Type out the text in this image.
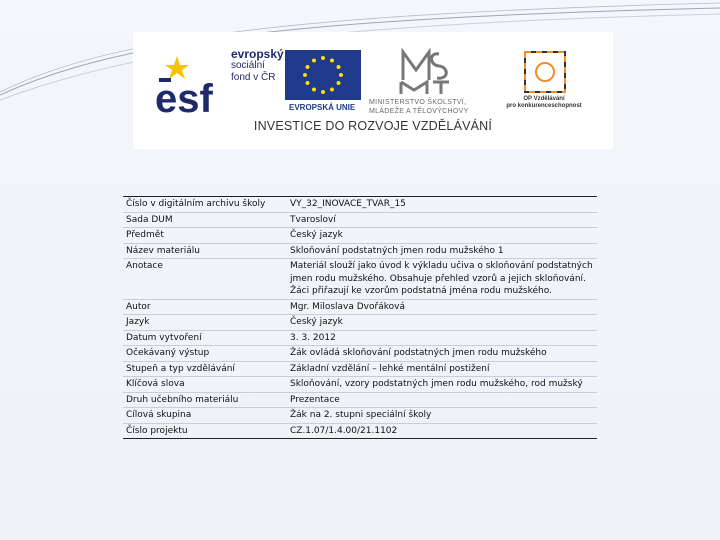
esf
evropský
sociální
fond v ČR
EVROPSKÁ UNIE
MINISTERSTVO ŠKOLSTVÍ,
MLÁDEŽE A TĚLOVÝCHOVY
OP Vzdělávání
pro konkurenceschopnost
INVESTICE DO ROZVOJE VZDĚLÁVÁNÍ
Číslo v digitálním archivu školy	VY_32_INOVACE_TVAR_15
Sada DUM	Tvarosloví
Předmět	Český jazyk
Název materiálu	Skloňování podstatných jmen rodu mužského 1
Anotace	Materiál slouží jako úvod k výkladu učiva o skloňování podstatných jmen rodu mužského. Obsahuje přehled vzorů a jejich skloňování. Žáci přiřazují ke vzorům podstatná jména rodu mužského.
Autor	Mgr. Miloslava Dvořáková
Jazyk	Český jazyk
Datum vytvoření	3. 3. 2012
Očekávaný výstup	Žák ovládá skloňování podstatných jmen rodu mužského
Stupeň a typ vzdělávání	Základní vzdělání – lehké mentální postižení
Klíčová slova	Skloňování, vzory podstatných jmen rodu mužského, rod mužský
Druh učebního materiálu	Prezentace
Cílová skupina	Žák na 2. stupni speciální školy
Číslo projektu	CZ.1.07/1.4.00/21.1102
